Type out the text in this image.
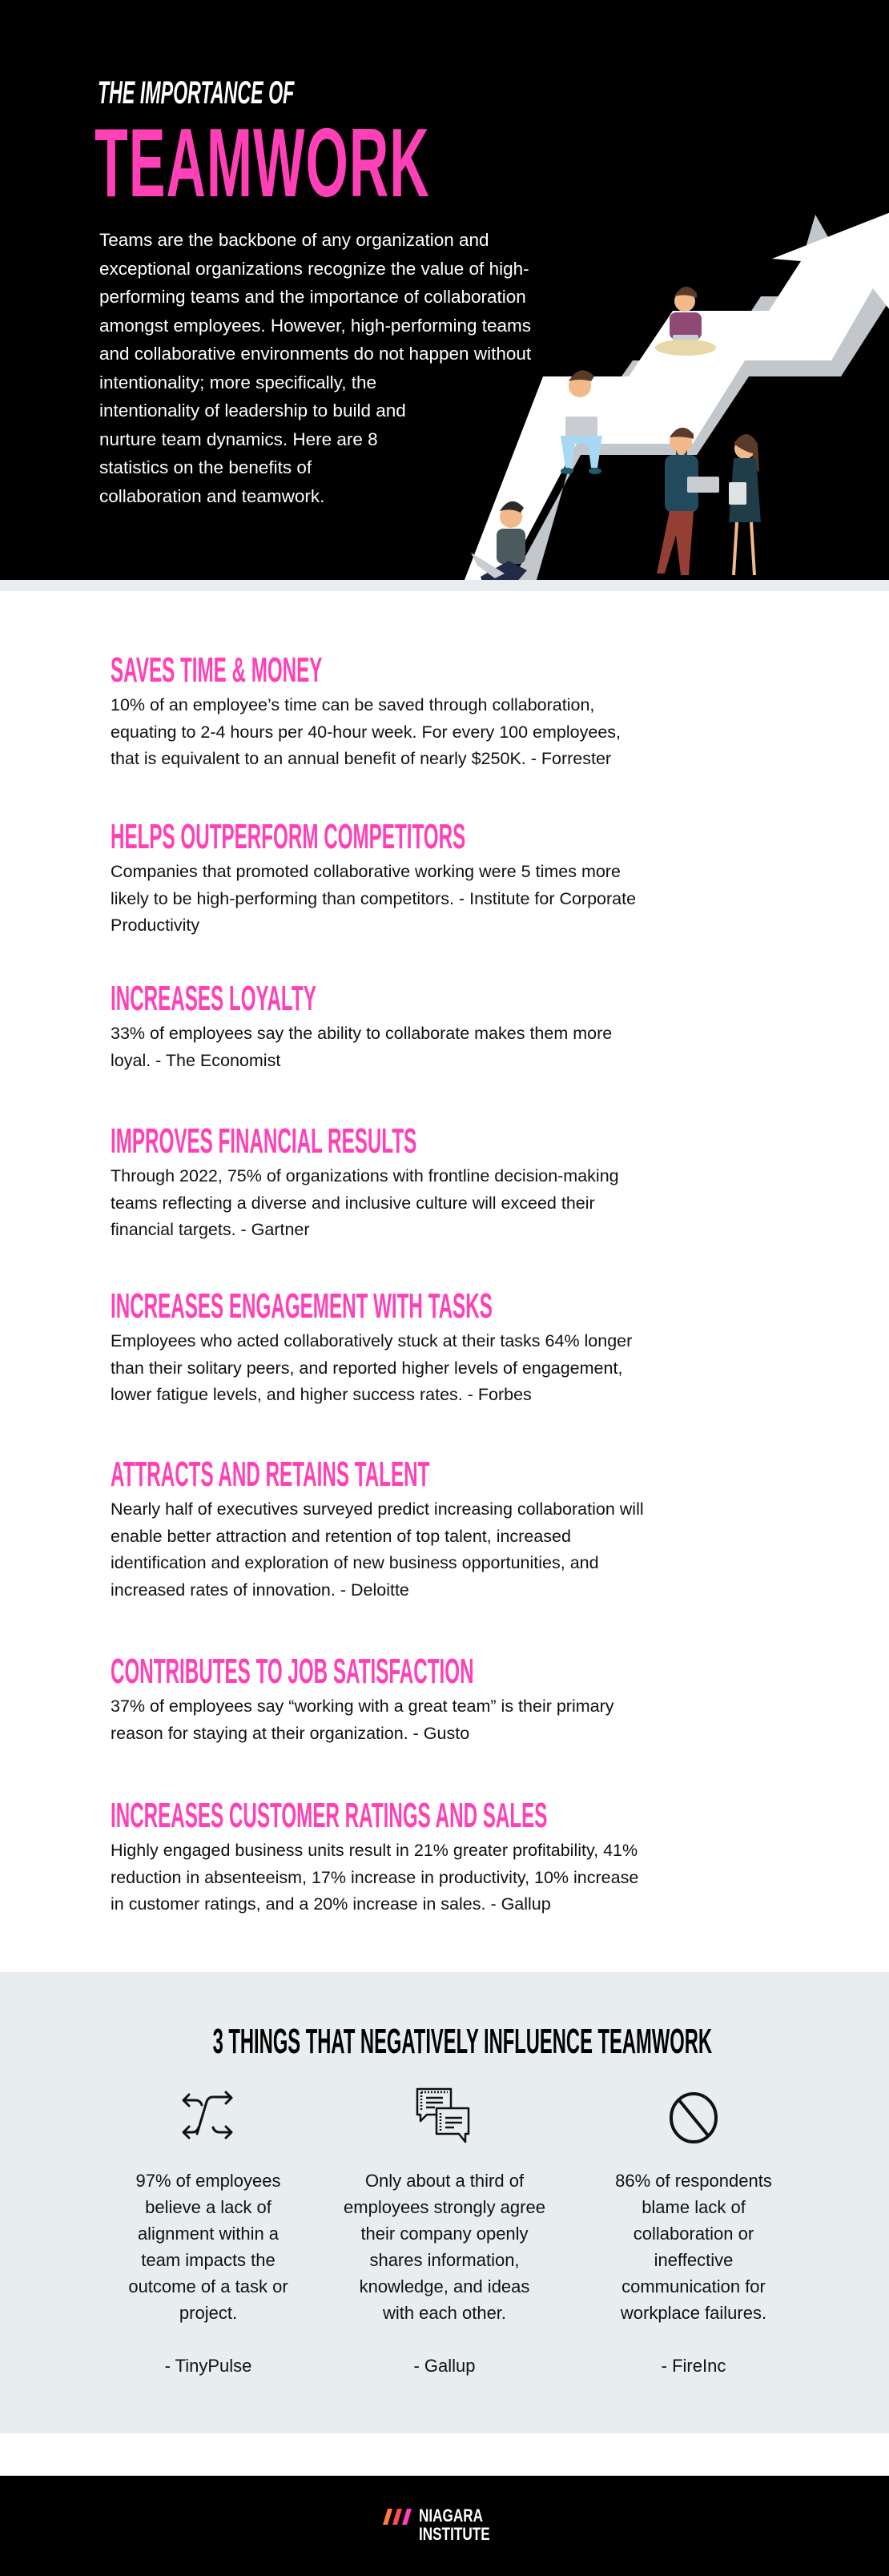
THE IMPORTANCE OF
TEAMWORK
Teams are the backbone of any organization and
exceptional organizations recognize the value of high-
performing teams and the importance of collaboration
amongst employees. However, high-performing teams
and collaborative environments do not happen without
intentionality; more specifically, the
intentionality of leadership to build and
nurture team dynamics. Here are 8
statistics on the benefits of
collaboration and teamwork.
SAVES TIME & MONEY

10% of an employee’s time can be saved through collaboration,
equating to 2-4 hours per 40-hour week. For every 100 employees,
that is equivalent to an annual benefit of nearly $250K. - Forrester

HELPS OUTPERFORM COMPETITORS

Companies that promoted collaborative working were 5 times more
likely to be high-performing than competitors. - Institute for Corporate
Productivity

INCREASES LOYALTY

33% of employees say the ability to collaborate makes them more
loyal. - The Economist

IMPROVES FINANCIAL RESULTS

Through 2022, 75% of organizations with frontline decision-making
teams reflecting a diverse and inclusive culture will exceed their
financial targets. - Gartner

INCREASES ENGAGEMENT WITH TASKS

Employees who acted collaboratively stuck at their tasks 64% longer
than their solitary peers, and reported higher levels of engagement,
lower fatigue levels, and higher success rates. - Forbes

ATTRACTS AND RETAINS TALENT

Nearly half of executives surveyed predict increasing collaboration will
enable better attraction and retention of top talent, increased
identification and exploration of new business opportunities, and
increased rates of innovation. - Deloitte

CONTRIBUTES TO JOB SATISFACTION

37% of employees say “working with a great team” is their primary
reason for staying at their organization. - Gusto

INCREASES CUSTOMER RATINGS AND SALES

Highly engaged business units result in 21% greater profitability, 41%
reduction in absenteeism, 17% increase in productivity, 10% increase
in customer ratings, and a 20% increase in sales. - Gallup

3 THINGS THAT NEGATIVELY INFLUENCE TEAMWORK
97% of employees
believe a lack of
alignment within a
team impacts the
outcome of a task or
project.
- TinyPulse
Only about a third of
employees strongly agree
their company openly
shares information,
knowledge, and ideas
with each other.
- Gallup
86% of respondents
blame lack of
collaboration or
ineffective
communication for
workplace failures.
- FireInc
NIAGARA
INSTITUTE
